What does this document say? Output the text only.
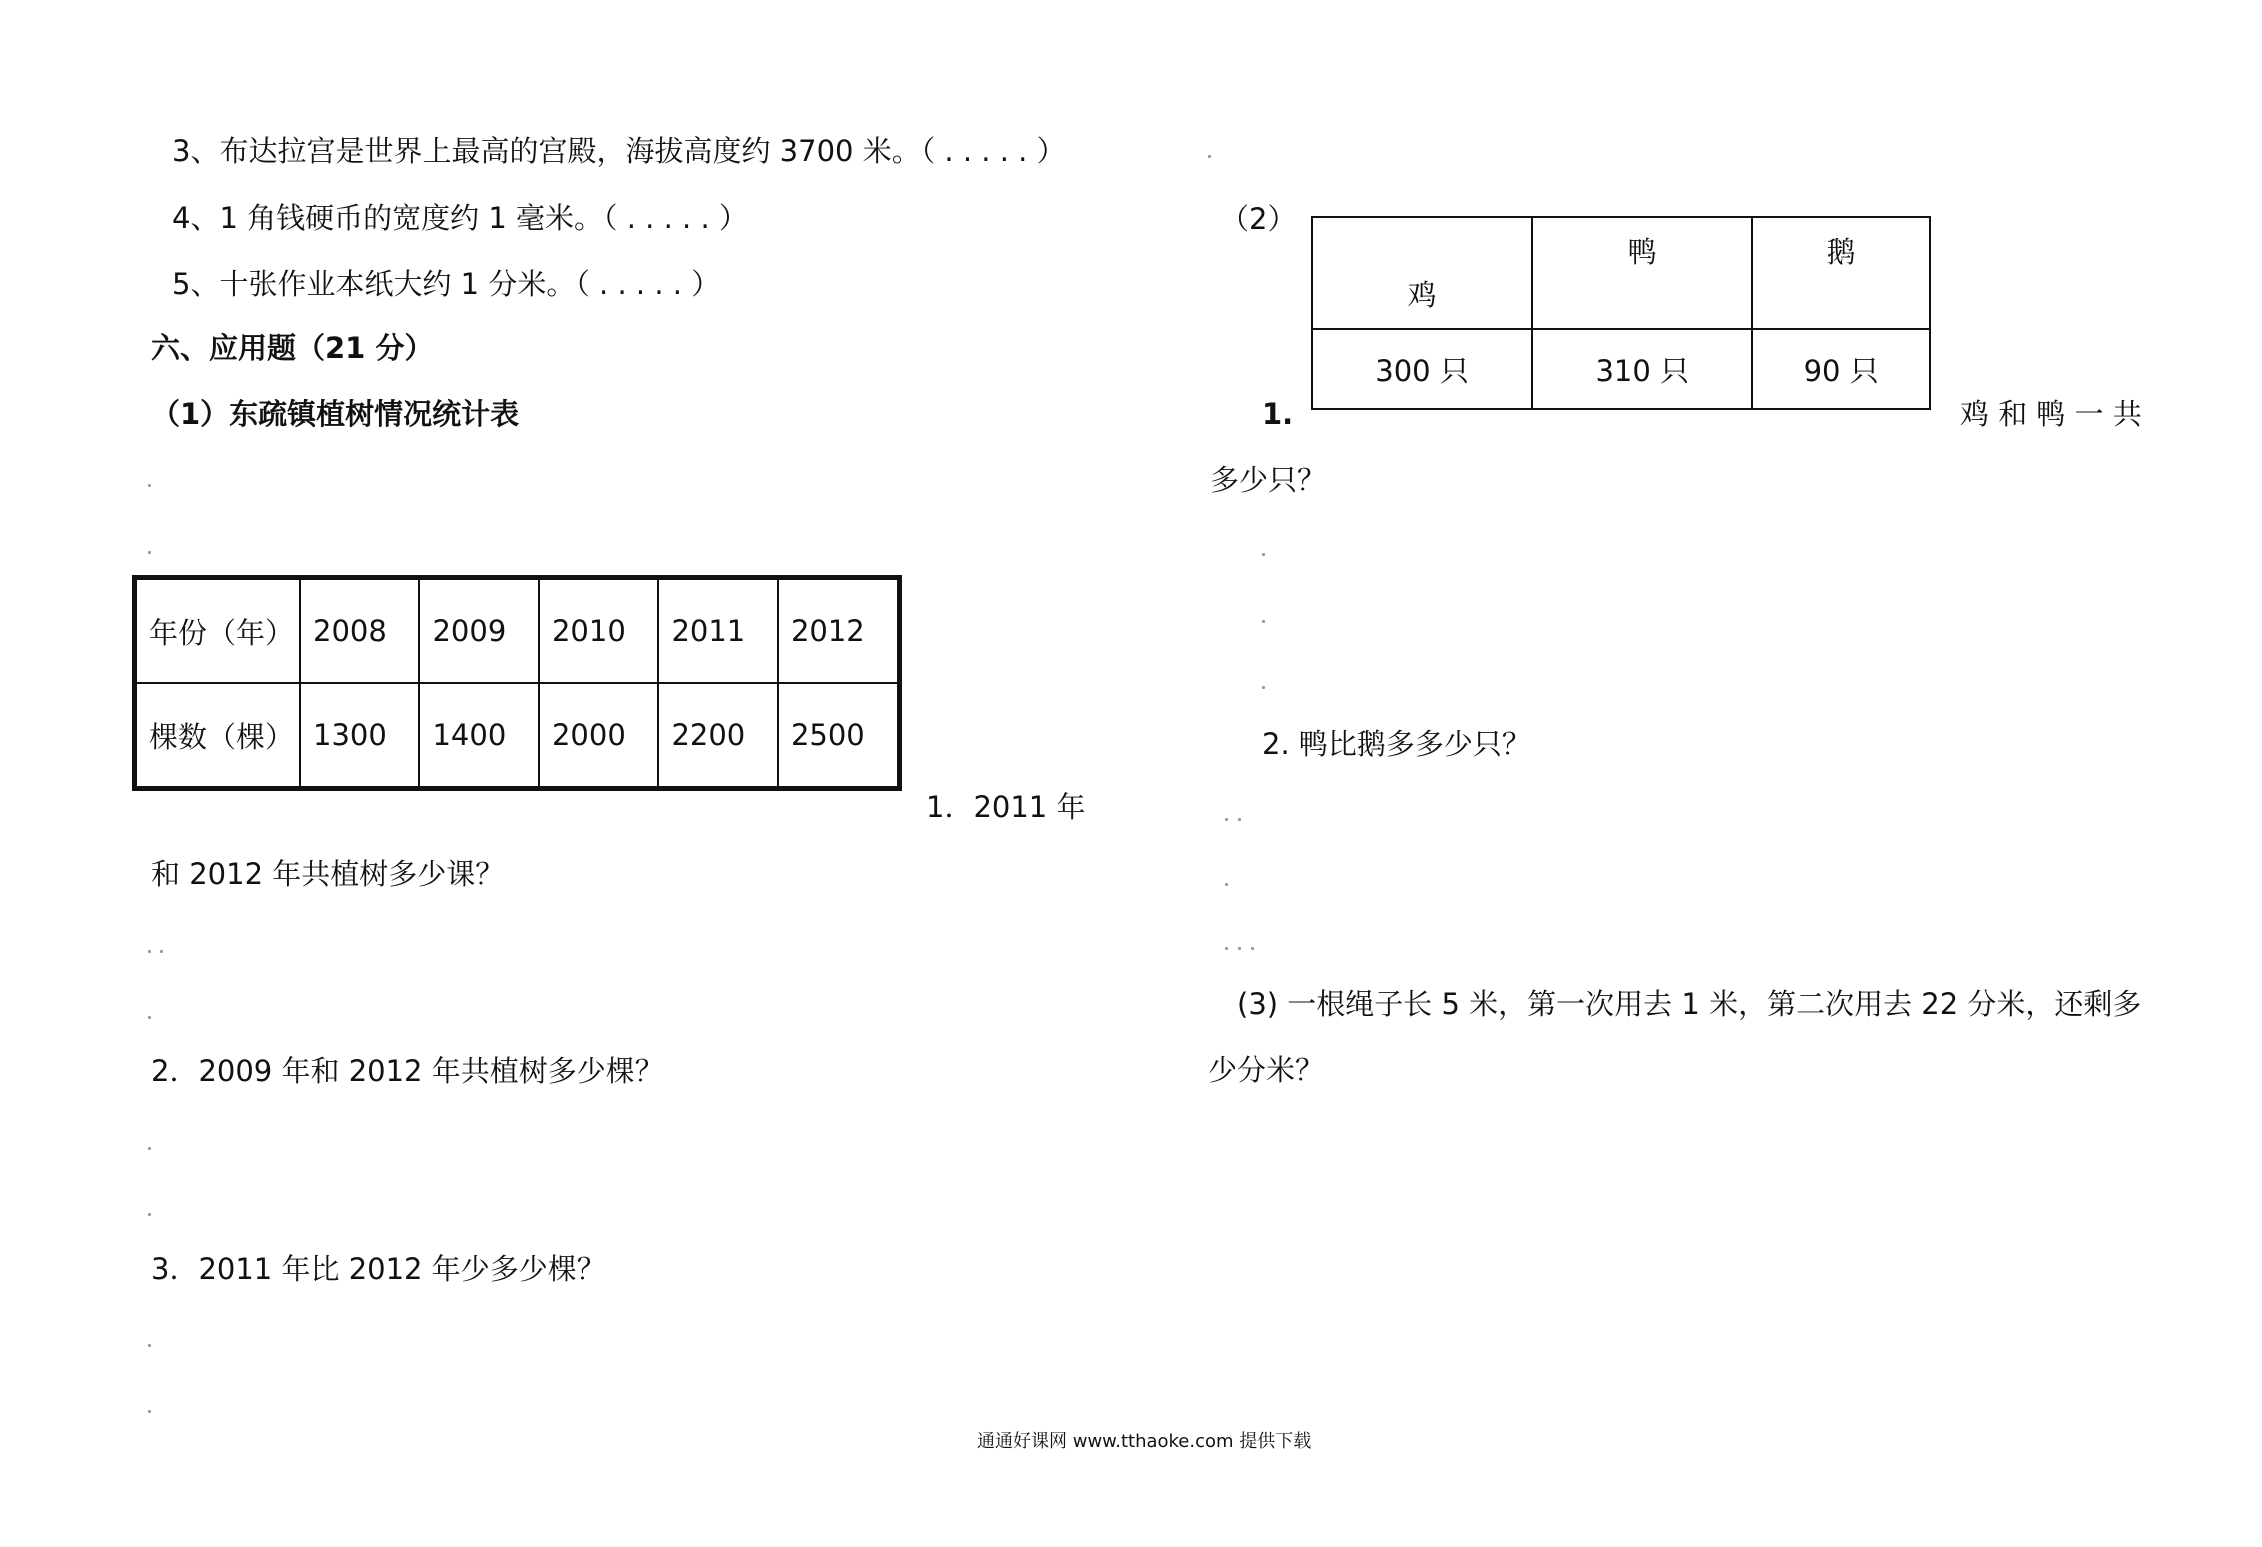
3、布达拉宫是世界上最高的宫殿，海拔高度约 3700 米。（ . . . . . ）
4、1 角钱硬币的宽度约 1 毫米。（ . . . . . ）
5、十张作业本纸大约 1 分米。（ . . . . . ）
六、应用题（21 分）
（1）东疏镇植树情况统计表
年份（年）	2008	2009	2010	2011	2012
棵数（棵）	1300	1400	2000	2200	2500
1．2011 年
和 2012 年共植树多少课？
2．2009 年和 2012 年共植树多少棵？
3．2011 年比 2012 年少多少棵？
（2）
鸡	鸭	鹅
300 只	310 只	90 只
1.	鸡 和 鸭 一 共
多少只？
2. 鸭比鹅多多少只？
(3) 一根绳子长 5 米，第一次用去 1 米，第二次用去 22 分米，还剩多
少分米？
通通好课网 www.tthaoke.com 提供下载
